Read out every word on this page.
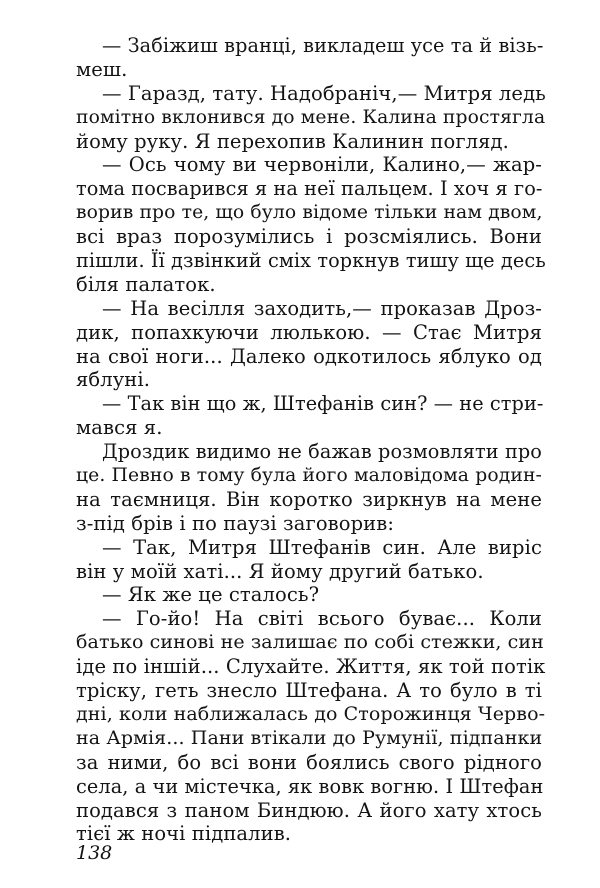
— Забіжиш вранці, викладеш усе та й візь-
меш.
— Гаразд, тату. Надобраніч,— Митря ледь
помітно вклонився до мене. Калина простягла
йому руку. Я перехопив Калинин погляд.
— Ось чому ви червоніли, Калино,— жар-
тома посварився я на неї пальцем. І хоч я го-
ворив про те, що було відоме тільки нам двом,
всі враз порозумілись і розсміялись. Вони
пішли. Її дзвінкий сміх торкнув тишу ще десь
біля палаток.
— На весілля заходить,— проказав Дроз-
дик, попахкуючи люлькою. — Стає Митря
на свої ноги... Далеко одкотилось яблуко од
яблуні.
— Так він що ж, Штефанів син? — не стри-
мався я.
Дроздик видимо не бажав розмовляти про
це. Певно в тому була його маловідома родин-
на таємниця. Він коротко зиркнув на мене
з-під брів і по паузі заговорив:
— Так, Митря Штефанів син. Але виріс
він у моїй хаті... Я йому другий батько.
— Як же це сталось?
— Го-йо! На світі всього буває... Коли
батько синові не залишає по собі стежки, син
іде по іншій... Слухайте. Життя, як той потік
тріску, геть знесло Штефана. А то було в ті
дні, коли наближалась до Сторожинця Черво-
на Армія... Пани втікали до Румунії, підпанки
за ними, бо всі вони боялись свого рідного
села, а чи містечка, як вовк вогню. І Штефан
подався з паном Биндюю. А його хату хтось
тієї ж ночі підпалив.
138
